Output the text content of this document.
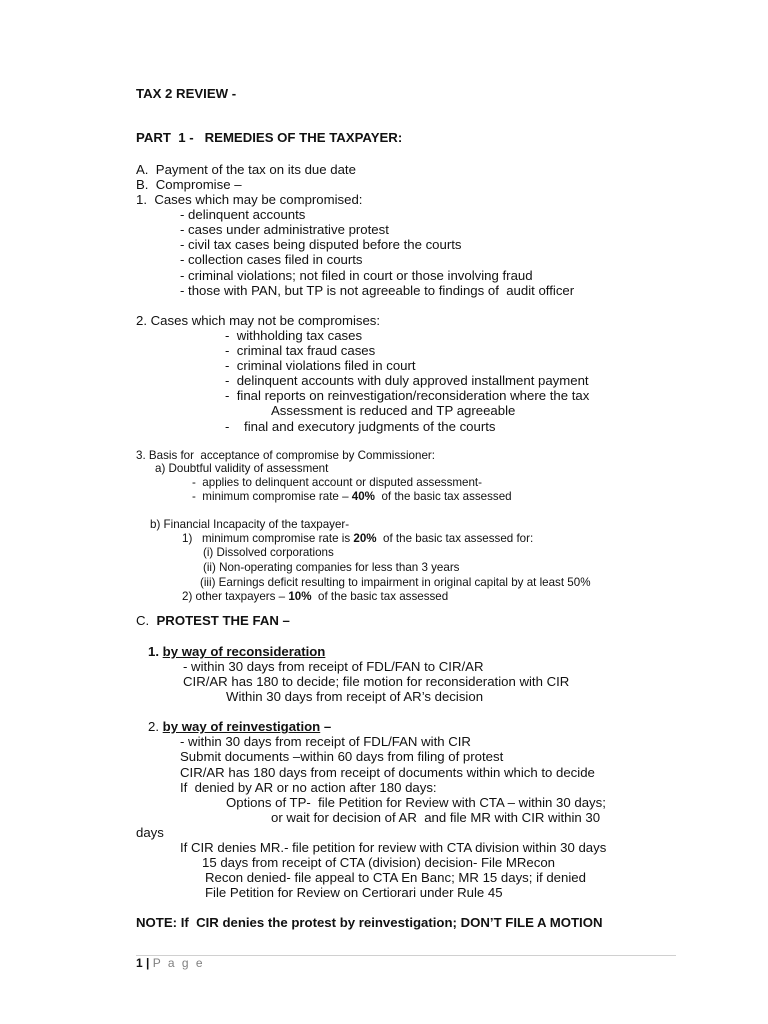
TAX 2 REVIEW -
PART  1 -   REMEDIES OF THE TAXPAYER:
A.  Payment of the tax on its due date
B.  Compromise –
1.  Cases which may be compromised:
- delinquent accounts
- cases under administrative protest
- civil tax cases being disputed before the courts
- collection cases filed in courts
- criminal violations; not filed in court or those involving fraud
- those with PAN, but TP is not agreeable to findings of  audit officer
2. Cases which may not be compromises:
-  withholding tax cases
-  criminal tax fraud cases
-  criminal violations filed in court
-  delinquent accounts with duly approved installment payment
-  final reports on reinvestigation/reconsideration where the tax
Assessment is reduced and TP agreeable
-    final and executory judgments of the courts
3. Basis for  acceptance of compromise by Commissioner:
a) Doubtful validity of assessment
-  applies to delinquent account or disputed assessment-
-  minimum compromise rate – 40%  of the basic tax assessed
b) Financial Incapacity of the taxpayer-
1)   minimum compromise rate is 20%  of the basic tax assessed for:
(i) Dissolved corporations
(ii) Non-operating companies for less than 3 years
(iii) Earnings deficit resulting to impairment in original capital by at least 50%
2) other taxpayers – 10%  of the basic tax assessed
C.  PROTEST THE FAN –
1. by way of reconsideration
- within 30 days from receipt of FDL/FAN to CIR/AR
CIR/AR has 180 to decide; file motion for reconsideration with CIR
Within 30 days from receipt of AR’s decision
2. by way of reinvestigation –
- within 30 days from receipt of FDL/FAN with CIR
Submit documents –within 60 days from filing of protest
CIR/AR has 180 days from receipt of documents within which to decide
If  denied by AR or no action after 180 days:
Options of TP-  file Petition for Review with CTA – within 30 days;
or wait for decision of AR  and file MR with CIR within 30
days
If CIR denies MR.- file petition for review with CTA division within 30 days
15 days from receipt of CTA (division) decision- File MRecon
Recon denied- file appeal to CTA En Banc; MR 15 days; if denied
File Petition for Review on Certiorari under Rule 45
NOTE: If  CIR denies the protest by reinvestigation; DON’T FILE A MOTION
1 | P a g e
